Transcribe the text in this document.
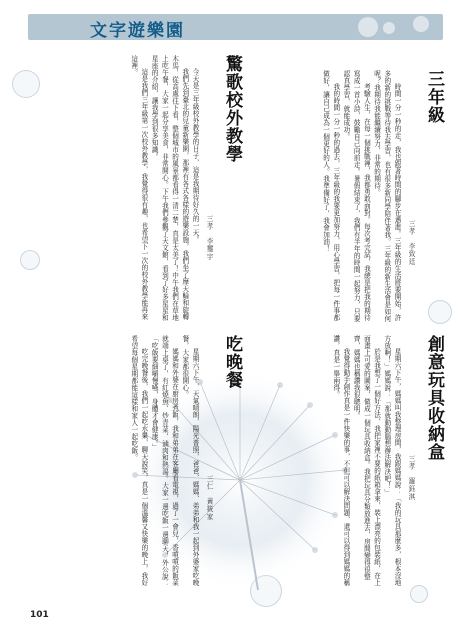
文字遊樂園
三年級
三孝　李致廷

時間一分一秒的走，我也跟著時間的腳步在邁進。三年級的生活將要開始，許多的新的挑戰等待我去學習，也有很多新同學陪伴著我。三年級的新生活會是如何呢？我期待我能繼續努力，非常的期待。

考驗人生，在每一個挑戰裡，我都勇敢面對。每次考完試，我總是把我的期待寫成一首小詩，鼓勵自己向前走。暑假結束了，我們有半年的時間一起努力，只要認真學習，就能成功。

我的時間一分一秒的過去，三年級的我要更加努力，用心學習，把每一件事都做好，讓自己成為一個更好的人。我準備好了，我會加油！

創意玩具收納盒
三孝　羅鈺淇

星期六下午，媽媽叫我整理房間，我跟媽媽說：「我的玩具那麼多，根本沒地方放啊！」媽媽說：「那就動動腦想辦法解決吧！」

於是我想了一個好方法，我把家裡不要的紙箱拿來，裝上漂亮的包裝紙，在上面畫上可愛的圖案，做成一個玩具收納盒。我把玩具分類放進去，房間變得很整齊，媽媽也稱讚我很聰明。

我覺得動手創作真是一件快樂的事，不但可以解決問題，還可以得到媽媽的稱讚，真是一舉兩得。

驚歌校外教學
三孝　李璽宇

今天是三年級校外教學的日子，這是我期待好久的一天。

我們先到臺北的兒童新樂園，那裡有各式各樣的遊樂設施，我們坐了摩天輪和旋轉木馬，從高處往下看，整個城市的風景都看得一清二楚，真是太美了！中午我們在草地上吃午餐，大家一起分享美食，非常開心。下午我們參觀了天文館，看到了好多星星和星座的介紹，讓我學到很多知識。

這是我們三年級第一次校外教學，我覺得很有趣，也希望下一次的校外教學能再來這裡。

吃晚餐
三仁　黃筱家

星期六下午，天氣晴朗，陽光普照，爸爸、媽媽、弟弟和我一起到外婆家吃晚餐，大家都很開心。

媽媽和外婆在廚房煮飯，我和弟弟在客廳看電視，過了一會兒，香噴噴的飯菜就端上桌了，有紅燒魚、炒青菜、滷肉和熱湯。大家一邊吃飯一邊聊天，外公說：「吃飯要細嚼慢嚥，身體才會健康。」

吃完晚餐後，我們一起吃水果，聊天說笑，真是一個溫馨又快樂的晚上，我好希望每個星期都能這樣和家人一起吃飯。

101
